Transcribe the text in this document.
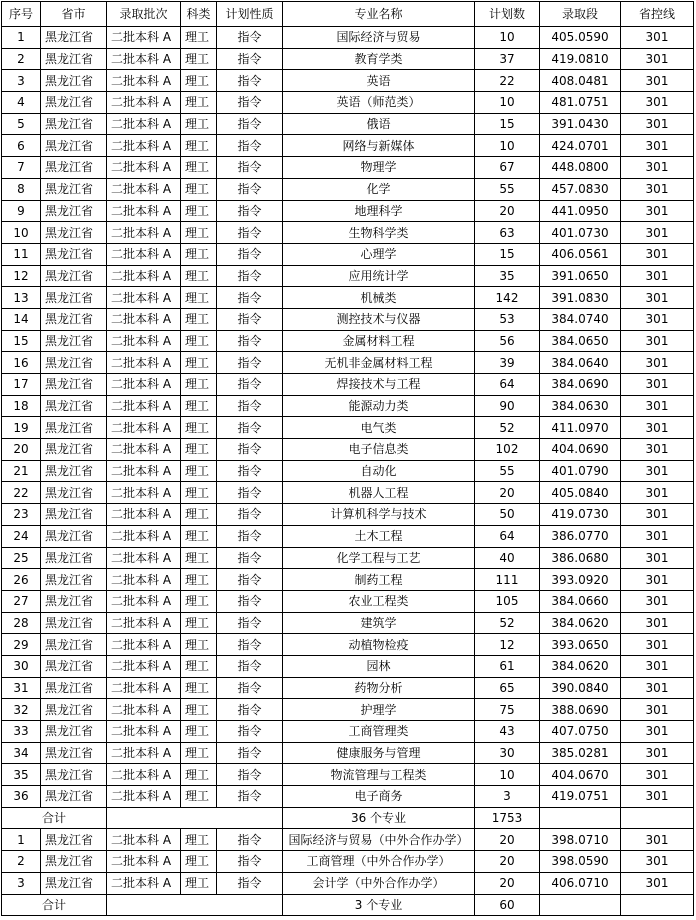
序号	省市	录取批次	科类	计划性质	专业名称	计划数	录取段	省控线
1	黑龙江省	二批本科 A	理工	指令	国际经济与贸易	10	405.0590	301
2	黑龙江省	二批本科 A	理工	指令	教育学类	37	419.0810	301
3	黑龙江省	二批本科 A	理工	指令	英语	22	408.0481	301
4	黑龙江省	二批本科 A	理工	指令	英语（师范类）	10	481.0751	301
5	黑龙江省	二批本科 A	理工	指令	俄语	15	391.0430	301
6	黑龙江省	二批本科 A	理工	指令	网络与新媒体	10	424.0701	301
7	黑龙江省	二批本科 A	理工	指令	物理学	67	448.0800	301
8	黑龙江省	二批本科 A	理工	指令	化学	55	457.0830	301
9	黑龙江省	二批本科 A	理工	指令	地理科学	20	441.0950	301
10	黑龙江省	二批本科 A	理工	指令	生物科学类	63	401.0730	301
11	黑龙江省	二批本科 A	理工	指令	心理学	15	406.0561	301
12	黑龙江省	二批本科 A	理工	指令	应用统计学	35	391.0650	301
13	黑龙江省	二批本科 A	理工	指令	机械类	142	391.0830	301
14	黑龙江省	二批本科 A	理工	指令	测控技术与仪器	53	384.0740	301
15	黑龙江省	二批本科 A	理工	指令	金属材料工程	56	384.0650	301
16	黑龙江省	二批本科 A	理工	指令	无机非金属材料工程	39	384.0640	301
17	黑龙江省	二批本科 A	理工	指令	焊接技术与工程	64	384.0690	301
18	黑龙江省	二批本科 A	理工	指令	能源动力类	90	384.0630	301
19	黑龙江省	二批本科 A	理工	指令	电气类	52	411.0970	301
20	黑龙江省	二批本科 A	理工	指令	电子信息类	102	404.0690	301
21	黑龙江省	二批本科 A	理工	指令	自动化	55	401.0790	301
22	黑龙江省	二批本科 A	理工	指令	机器人工程	20	405.0840	301
23	黑龙江省	二批本科 A	理工	指令	计算机科学与技术	50	419.0730	301
24	黑龙江省	二批本科 A	理工	指令	土木工程	64	386.0770	301
25	黑龙江省	二批本科 A	理工	指令	化学工程与工艺	40	386.0680	301
26	黑龙江省	二批本科 A	理工	指令	制药工程	111	393.0920	301
27	黑龙江省	二批本科 A	理工	指令	农业工程类	105	384.0660	301
28	黑龙江省	二批本科 A	理工	指令	建筑学	52	384.0620	301
29	黑龙江省	二批本科 A	理工	指令	动植物检疫	12	393.0650	301
30	黑龙江省	二批本科 A	理工	指令	园林	61	384.0620	301
31	黑龙江省	二批本科 A	理工	指令	药物分析	65	390.0840	301
32	黑龙江省	二批本科 A	理工	指令	护理学	75	388.0690	301
33	黑龙江省	二批本科 A	理工	指令	工商管理类	43	407.0750	301
34	黑龙江省	二批本科 A	理工	指令	健康服务与管理	30	385.0281	301
35	黑龙江省	二批本科 A	理工	指令	物流管理与工程类	10	404.0670	301
36	黑龙江省	二批本科 A	理工	指令	电子商务	3	419.0751	301
合计					36 个专业	1753		
1	黑龙江省	二批本科 A	理工	指令	国际经济与贸易（中外合作办学）	20	398.0710	301
2	黑龙江省	二批本科 A	理工	指令	工商管理（中外合作办学）	20	398.0590	301
3	黑龙江省	二批本科 A	理工	指令	会计学（中外合作办学）	20	406.0710	301
合计					3 个专业	60		
